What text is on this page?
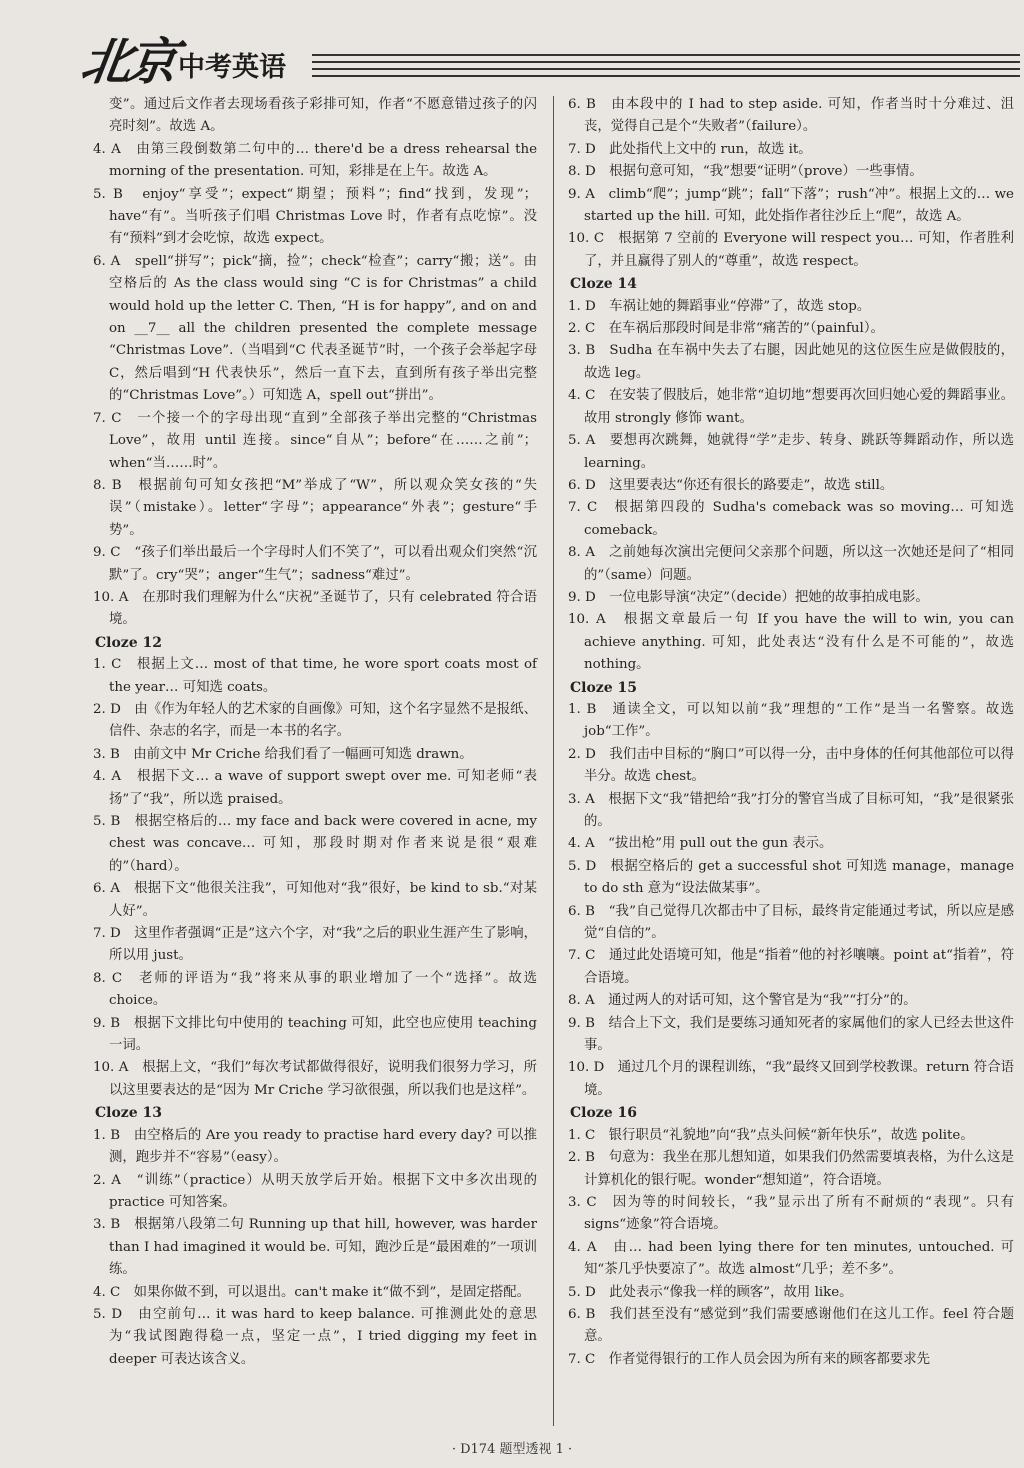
北京 中考英语
变”。通过后文作者去现场看孩子彩排可知，作者“不愿意错过孩子的闪亮时刻”。故选 A。
4. A　由第三段倒数第二句中的… there'd be a dress rehearsal the morning of the presentation. 可知，彩排是在上午。故选 A。
5. B　enjoy“享受”；expect“期望；预料”；find“找到，发现”；have“有”。当听孩子们唱 Christmas Love 时，作者有点吃惊”。没有“预料”到才会吃惊，故选 expect。
6. A　spell“拼写”；pick“摘，捡”；check“检查”；carry“搬；送”。由空格后的 As the class would sing “C is for Christmas” a child would hold up the letter C. Then, “H is for happy”, and on and on __7__ all the children presented the complete message “Christmas Love”.（当唱到“C 代表圣诞节”时，一个孩子会举起字母 C，然后唱到“H 代表快乐”，然后一直下去，直到所有孩子举出完整的“Christmas Love”。）可知选 A，spell out“拼出”。
7. C　一个接一个的字母出现“直到”全部孩子举出完整的“Christmas Love”，故用 until 连接。since“自从”；before“在……之前”；when“当……时”。
8. B　根据前句可知女孩把“M”举成了“W”，所以观众笑女孩的“失误”（mistake）。letter“字母”；appearance“外表”；gesture“手势”。
9. C　“孩子们举出最后一个字母时人们不笑了”，可以看出观众们突然“沉默”了。cry“哭”；anger“生气”；sadness“难过”。
10. A　在那时我们理解为什么“庆祝”圣诞节了，只有 celebrated 符合语境。
Cloze 12
1. C　根据上文… most of that time, he wore sport coats most of the year… 可知选 coats。
2. D　由《作为年轻人的艺术家的自画像》可知，这个名字显然不是报纸、信件、杂志的名字，而是一本书的名字。
3. B　由前文中 Mr Criche 给我们看了一幅画可知选 drawn。
4. A　根据下文… a wave of support swept over me. 可知老师“表扬”了“我”，所以选 praised。
5. B　根据空格后的… my face and back were covered in acne, my chest was concave… 可知，那段时期对作者来说是很“艰难的”（hard）。
6. A　根据下文“他很关注我”，可知他对“我”很好，be kind to sb.“对某人好”。
7. D　这里作者强调“正是”这六个字，对“我”之后的职业生涯产生了影响，所以用 just。
8. C　老师的评语为“我”将来从事的职业增加了一个“选择”。故选 choice。
9. B　根据下文排比句中使用的 teaching 可知，此空也应使用 teaching 一词。
10. A　根据上文，“我们”每次考试都做得很好，说明我们很努力学习，所以这里要表达的是“因为 Mr Criche 学习欲很强，所以我们也是这样”。
Cloze 13
1. B　由空格后的 Are you ready to practise hard every day? 可以推测，跑步并不“容易”（easy）。
2. A　“训练”（practice）从明天放学后开始。根据下文中多次出现的 practice 可知答案。
3. B　根据第八段第二句 Running up that hill, however, was harder than I had imagined it would be. 可知，跑沙丘是“最困难的”一项训练。
4. C　如果你做不到，可以退出。can't make it“做不到”，是固定搭配。
5. D　由空前句… it was hard to keep balance. 可推测此处的意思为“我试图跑得稳一点，坚定一点”，I tried digging my feet in deeper 可表达该含义。
6. B　由本段中的 I had to step aside. 可知，作者当时十分难过、沮丧，觉得自己是个“失败者”（failure）。
7. D　此处指代上文中的 run，故选 it。
8. D　根据句意可知，“我”想要“证明”（prove）一些事情。
9. A　climb“爬”；jump“跳”；fall“下落”；rush“冲”。根据上文的… we started up the hill. 可知，此处指作者往沙丘上“爬”，故选 A。
10. C　根据第 7 空前的 Everyone will respect you… 可知，作者胜利了，并且赢得了别人的“尊重”，故选 respect。
Cloze 14
1. D　车祸让她的舞蹈事业“停滞”了，故选 stop。
2. C　在车祸后那段时间是非常“痛苦的”（painful）。
3. B　Sudha 在车祸中失去了右腿，因此她见的这位医生应是做假肢的，故选 leg。
4. C　在安装了假肢后，她非常“迫切地”想要再次回归她心爱的舞蹈事业。故用 strongly 修饰 want。
5. A　要想再次跳舞，她就得“学”走步、转身、跳跃等舞蹈动作，所以选 learning。
6. D　这里要表达“你还有很长的路要走”，故选 still。
7. C　根据第四段的 Sudha's comeback was so moving… 可知选 comeback。
8. A　之前她每次演出完便问父亲那个问题，所以这一次她还是问了“相同的”（same）问题。
9. D　一位电影导演“决定”（decide）把她的故事拍成电影。
10. A　根据文章最后一句 If you have the will to win, you can achieve anything. 可知，此处表达“没有什么是不可能的”，故选 nothing。
Cloze 15
1. B　通读全文，可以知以前“我”理想的“工作”是当一名警察。故选 job“工作”。
2. D　我们击中目标的“胸口”可以得一分，击中身体的任何其他部位可以得半分。故选 chest。
3. A　根据下文“我”错把给“我”打分的警官当成了目标可知，“我”是很紧张的。
4. A　“拔出枪”用 pull out the gun 表示。
5. D　根据空格后的 get a successful shot 可知选 manage，manage to do sth 意为“设法做某事”。
6. B　“我”自己觉得几次都击中了目标，最终肯定能通过考试，所以应是感觉“自信的”。
7. C　通过此处语境可知，他是“指着”他的衬衫嚷嚷。point at“指着”，符合语境。
8. A　通过两人的对话可知，这个警官是为“我”“打分”的。
9. B　结合上下文，我们是要练习通知死者的家属他们的家人已经去世这件事。
10. D　通过几个月的课程训练，“我”最终又回到学校教课。return 符合语境。
Cloze 16
1. C　银行职员“礼貌地”向“我”点头问候“新年快乐”，故选 polite。
2. B　句意为：我坐在那儿想知道，如果我们仍然需要填表格，为什么这是计算机化的银行呢。wonder“想知道”，符合语境。
3. C　因为等的时间较长，“我”显示出了所有不耐烦的“表现”。只有 signs“迹象”符合语境。
4. A　由… had been lying there for ten minutes, untouched. 可知“茶几乎快要凉了”。故选 almost“几乎；差不多”。
5. D　此处表示“像我一样的顾客”，故用 like。
6. B　我们甚至没有“感觉到”我们需要感谢他们在这儿工作。feel 符合题意。
7. C　作者觉得银行的工作人员会因为所有来的顾客都要求先
· D174 题型透视 1 ·
